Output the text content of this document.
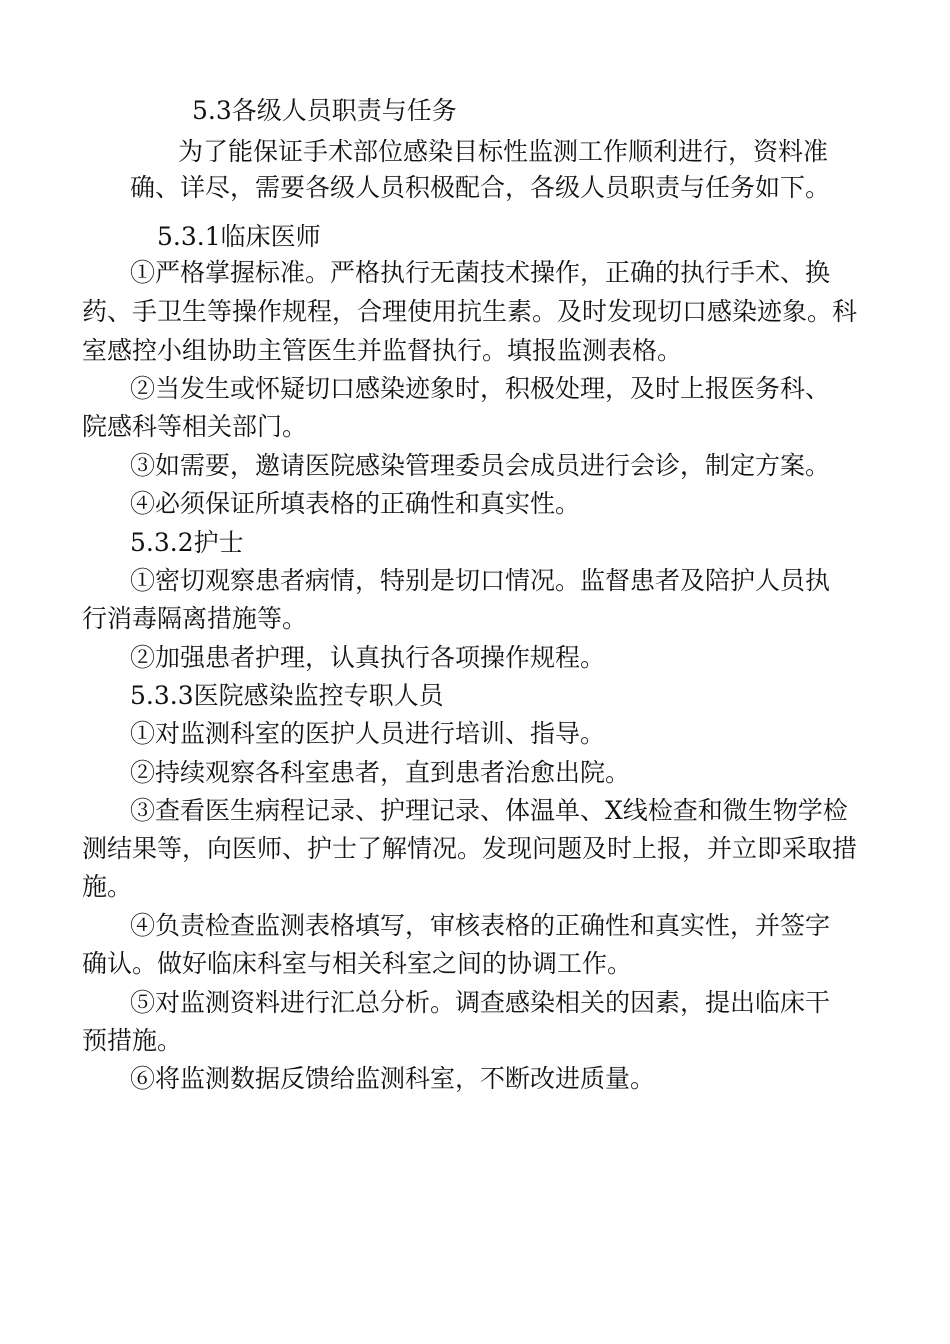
5.3各级人员职责与任务
为了能保证手术部位感染目标性监测工作顺利进行，资料准
确、详尽，需要各级人员积极配合，各级人员职责与任务如下。
5.3.1临床医师
①严格掌握标准。严格执行无菌技术操作，正确的执行手术、换
药、手卫生等操作规程，合理使用抗生素。及时发现切口感染迹象。科
室感控小组协助主管医生并监督执行。填报监测表格。
②当发生或怀疑切口感染迹象时，积极处理，及时上报医务科、
院感科等相关部门。
③如需要，邀请医院感染管理委员会成员进行会诊，制定方案。
④必须保证所填表格的正确性和真实性。
5.3.2护士
①密切观察患者病情，特别是切口情况。监督患者及陪护人员执
行消毒隔离措施等。
②加强患者护理，认真执行各项操作规程。
5.3.3医院感染监控专职人员
①对监测科室的医护人员进行培训、指导。
②持续观察各科室患者，直到患者治愈出院。
③查看医生病程记录、护理记录、体温单、X线检查和微生物学检
测结果等，向医师、护士了解情况。发现问题及时上报，并立即采取措
施。
④负责检查监测表格填写，审核表格的正确性和真实性，并签字
确认。做好临床科室与相关科室之间的协调工作。
⑤对监测资料进行汇总分析。调查感染相关的因素，提出临床干
预措施。
⑥将监测数据反馈给监测科室，不断改进质量。
